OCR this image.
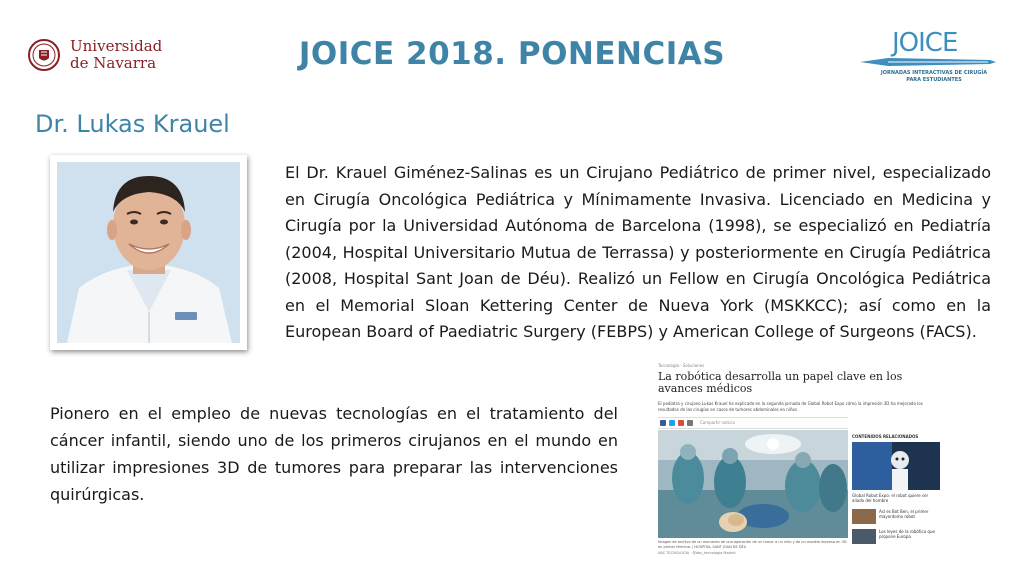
Universidad
de Navarra	JOICE 2018. PONENCIAS	JOICE
JORNADAS INTERACTIVAS DE CIRUGÍA
PARA ESTUDIANTES
Dr. Lukas Krauel
El Dr. Krauel Giménez-Salinas es un Cirujano Pediátrico de primer nivel, especializado en Cirugía Oncológica Pediátrica y Mínimamente Invasiva. Licenciado en Medicina y Cirugía por la Universidad Autónoma de Barcelona (1998), se especializó en Pediatría (2004, Hospital Universitario Mutua de Terrassa) y posteriormente en Cirugía Pediátrica (2008, Hospital Sant Joan de Déu). Realizó un Fellow en Cirugía Oncológica Pediátrica en el Memorial Sloan Kettering Center de Nueva York (MSKKCC); así como en la European Board of Paediatric Surgery (FEBPS) y American College of Surgeons (FACS).
Pionero en el empleo de nuevas tecnologías en el tratamiento del cáncer infantil, siendo uno de los primeros cirujanos en el mundo en utilizar impresiones 3D de tumores para preparar las intervenciones quirúrgicas.
Tecnología · Soluciones
La robótica desarrolla un papel clave en los avances médicos
El pediatra y cirujano Lukas Krauel ha explicado en la segunda jornada de Global Robot Expo cómo la impresión 3D ha mejorado los resultados de las cirugías en casos de tumores abdominales en niños
Compartir noticia
Imagen de archivo de un momento de una operación de un tumor a un niño y de un modelo impreso en 3D en primer término. / HOSPITAL SANT JOAN DE DÉU
ABC TECNOLOGÍA · @abc_tecnologia Madrid
CONTENIDOS RELACIONADOS
Global Robot Expo: el robot quiere ser aliado del hombre
Así es Bot Ben, el primer mayordomo robot
Los leyes de la robótica que propone Europa
